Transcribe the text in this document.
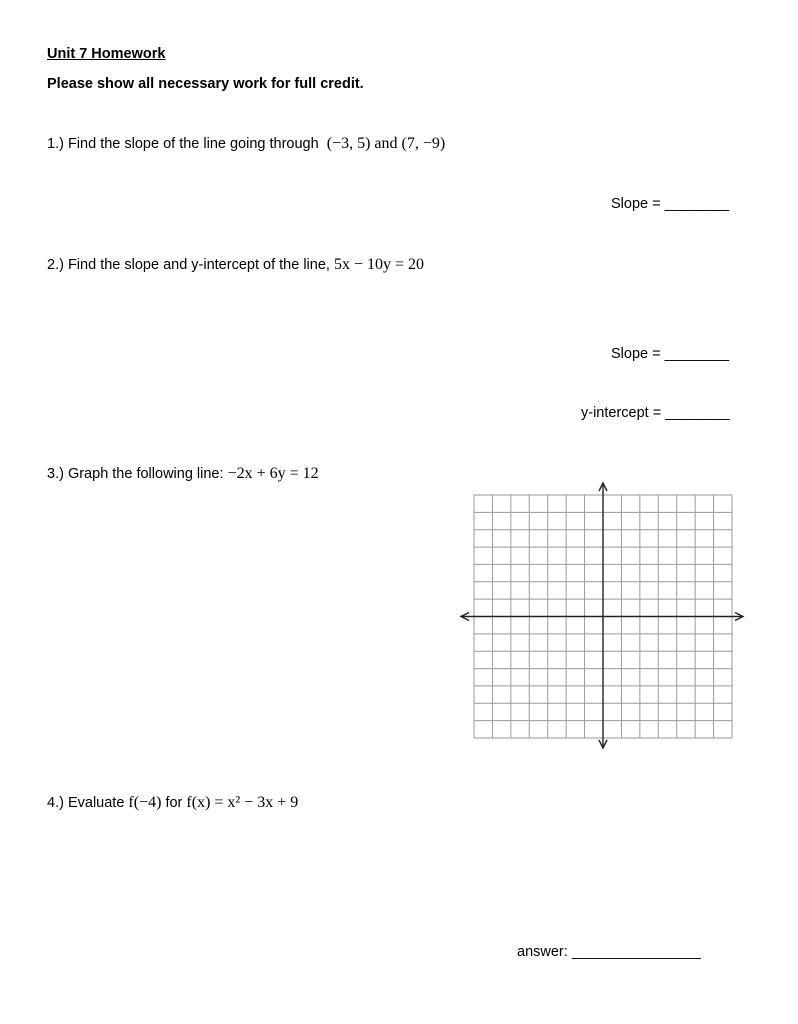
Unit 7 Homework
Please show all necessary work for full credit.
1.) Find the slope of the line going through (−3, 5) and (7, −9)
Slope = ________
2.) Find the slope and y-intercept of the line, 5x − 10y = 20
Slope = ________
y-intercept = ________
3.) Graph the following line: −2x + 6y = 12
4.) Evaluate f(−4) for f(x) = x² − 3x + 9
answer: ________________
